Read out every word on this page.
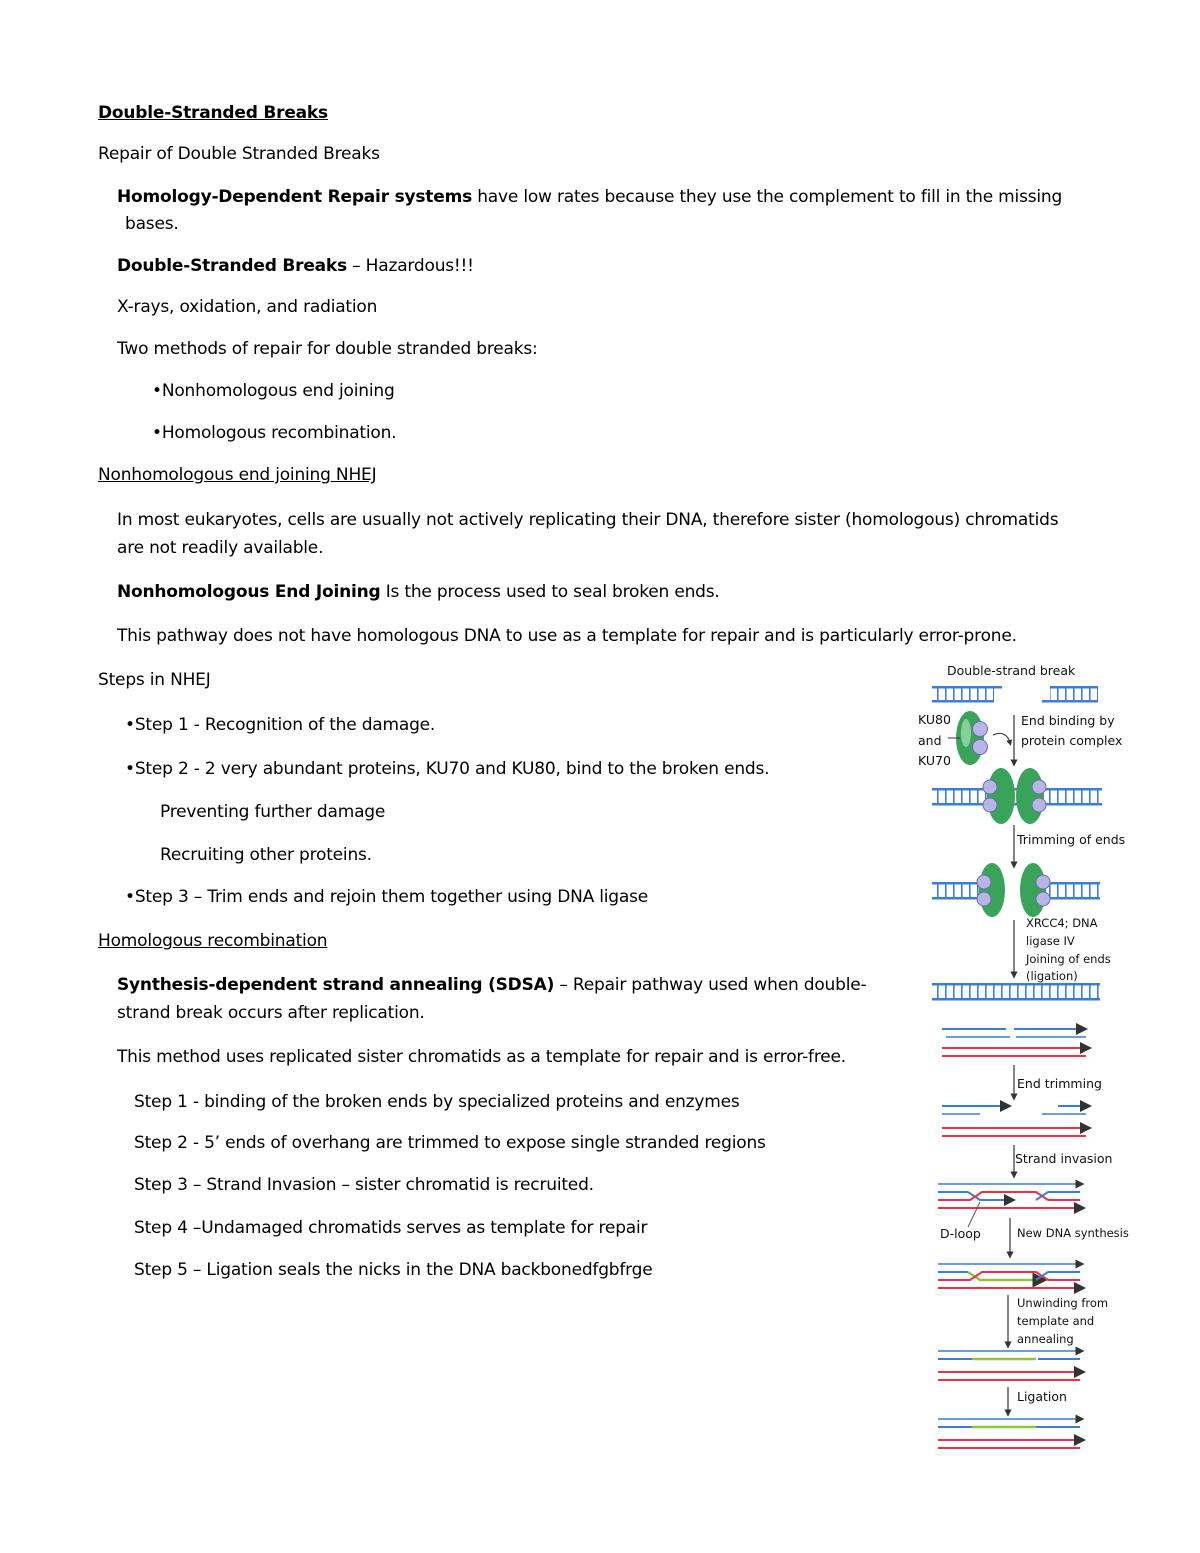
Double-Stranded Breaks
Repair of Double Stranded Breaks
Homology-Dependent Repair systems have low rates because they use the complement to fill in the missing
bases.
Double-Stranded Breaks – Hazardous!!!
X-rays, oxidation, and radiation
Two methods of repair for double stranded breaks:
•Nonhomologous end joining
•Homologous recombination.
Nonhomologous end joining NHEJ
In most eukaryotes, cells are usually not actively replicating their DNA, therefore sister (homologous) chromatids
are not readily available.
Nonhomologous End Joining Is the process used to seal broken ends.
This pathway does not have homologous DNA to use as a template for repair and is particularly error-prone.
Steps in NHEJ
•Step 1 - Recognition of the damage.
•Step 2 - 2 very abundant proteins, KU70 and KU80, bind to the broken ends.
Preventing further damage
Recruiting other proteins.
•Step 3 – Trim ends and rejoin them together using DNA ligase
Homologous recombination
Synthesis-dependent strand annealing (SDSA) – Repair pathway used when double-
strand break occurs after replication.
This method uses replicated sister chromatids as a template for repair and is error-free.
Step 1 - binding of the broken ends by specialized proteins and enzymes
Step 2 - 5’ ends of overhang are trimmed to expose single stranded regions
Step 3 – Strand Invasion – sister chromatid is recruited.
Step 4 –Undamaged chromatids serves as template for repair
Step 5 – Ligation seals the nicks in the DNA backbonedfgbfrge
Double-strand break
KU80
and
KU70
End binding by
protein complex
Trimming of ends
XRCC4; DNA
ligase IV
Joining of ends
(ligation)
End trimming
Strand invasion
D-loop	New DNA synthesis
Unwinding from
template and
annealing
Ligation
